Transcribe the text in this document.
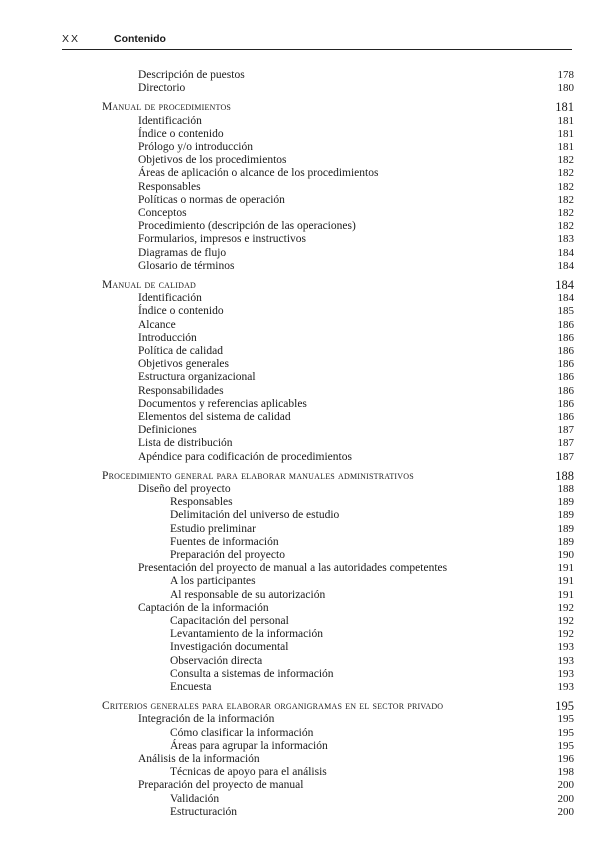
XX	Contenido
Descripción de puestos	178
Directorio	180
Manual de procedimientos	181
Identificación	181
Índice o contenido	181
Prólogo y/o introducción	181
Objetivos de los procedimientos	182
Áreas de aplicación o alcance de los procedimientos	182
Responsables	182
Políticas o normas de operación	182
Conceptos	182
Procedimiento (descripción de las operaciones)	182
Formularios, impresos e instructivos	183
Diagramas de flujo	184
Glosario de términos	184
Manual de calidad	184
Identificación	184
Índice o contenido	185
Alcance	186
Introducción	186
Política de calidad	186
Objetivos generales	186
Estructura organizacional	186
Responsabilidades	186
Documentos y referencias aplicables	186
Elementos del sistema de calidad	186
Definiciones	187
Lista de distribución	187
Apéndice para codificación de procedimientos	187
Procedimiento general para elaborar manuales administrativos	188
Diseño del proyecto	188
Responsables	189
Delimitación del universo de estudio	189
Estudio preliminar	189
Fuentes de información	189
Preparación del proyecto	190
Presentación del proyecto de manual a las autoridades competentes	191
A los participantes	191
Al responsable de su autorización	191
Captación de la información	192
Capacitación del personal	192
Levantamiento de la información	192
Investigación documental	193
Observación directa	193
Consulta a sistemas de información	193
Encuesta	193
Criterios generales para elaborar organigramas en el sector privado	195
Integración de la información	195
Cómo clasificar la información	195
Áreas para agrupar la información	195
Análisis de la información	196
Técnicas de apoyo para el análisis	198
Preparación del proyecto de manual	200
Validación	200
Estructuración	200
